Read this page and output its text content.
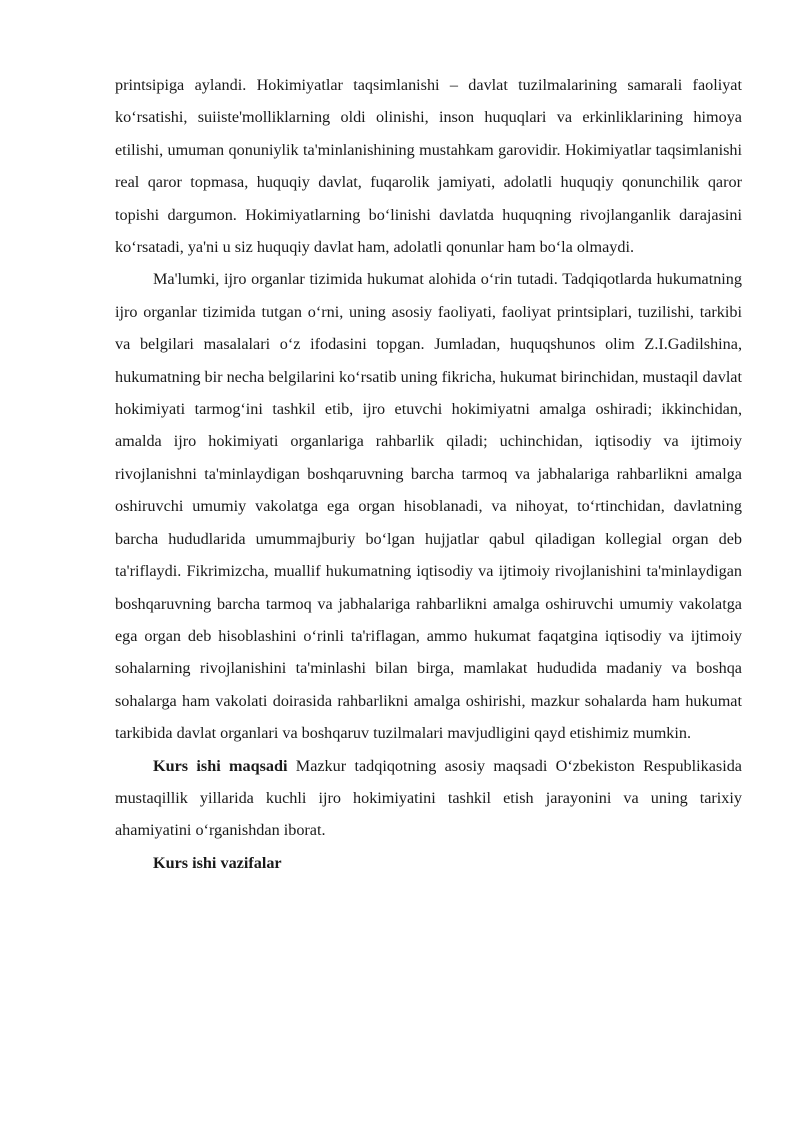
printsipiga aylandi. Hokimiyatlar taqsimlanishi – davlat tuzilmalarining samarali faoliyat ko‘rsatishi, suiiste'molliklarning oldi olinishi, inson huquqlari va erkinliklarining himoya etilishi, umuman qonuniylik ta'minlanishining mustahkam garovidir. Hokimiyatlar taqsimlanishi real qaror topmasa, huquqiy davlat, fuqarolik jamiyati, adolatli huquqiy qonunchilik qaror topishi dargumon. Hokimiyatlarning bo‘linishi davlatda huquqning rivojlanganlik darajasini ko‘rsatadi, ya'ni u siz huquqiy davlat ham, adolatli qonunlar ham bo‘la olmaydi.

Ma'lumki, ijro organlar tizimida hukumat alohida o‘rin tutadi. Tadqiqotlarda hukumatning ijro organlar tizimida tutgan o‘rni, uning asosiy faoliyati, faoliyat printsiplari, tuzilishi, tarkibi va belgilari masalalari o‘z ifodasini topgan. Jumladan, huquqshunos olim Z.I.Gadilshina, hukumatning bir necha belgilarini ko‘rsatib uning fikricha, hukumat birinchidan, mustaqil davlat hokimiyati tarmog‘ini tashkil etib, ijro etuvchi hokimiyatni amalga oshiradi; ikkinchidan, amalda ijro hokimiyati organlariga rahbarlik qiladi; uchinchidan, iqtisodiy va ijtimoiy rivojlanishni ta'minlaydigan boshqaruvning barcha tarmoq va jabhalariga rahbarlikni amalga oshiruvchi umumiy vakolatga ega organ hisoblanadi, va nihoyat, to‘rtinchidan, davlatning barcha hududlarida umummajburiy bo‘lgan hujjatlar qabul qiladigan kollegial organ deb ta'riflaydi. Fikrimizcha, muallif hukumatning iqtisodiy va ijtimoiy rivojlanishini ta'minlaydigan boshqaruvning barcha tarmoq va jabhalariga rahbarlikni amalga oshiruvchi umumiy vakolatga ega organ deb hisoblashini o‘rinli ta'riflagan, ammo hukumat faqatgina iqtisodiy va ijtimoiy sohalarning rivojlanishini ta'minlashi bilan birga, mamlakat hududida madaniy va boshqa sohalarga ham vakolati doirasida rahbarlikni amalga oshirishi, mazkur sohalarda ham hukumat tarkibida davlat organlari va boshqaruv tuzilmalari mavjudligini qayd etishimiz mumkin.

Kurs ishi maqsadi Mazkur tadqiqotning asosiy maqsadi O‘zbekiston Respublikasida mustaqillik yillarida kuchli ijro hokimiyatini tashkil etish jarayonini va uning tarixiy ahamiyatini o‘rganishdan iborat.

Kurs ishi vazifalar
